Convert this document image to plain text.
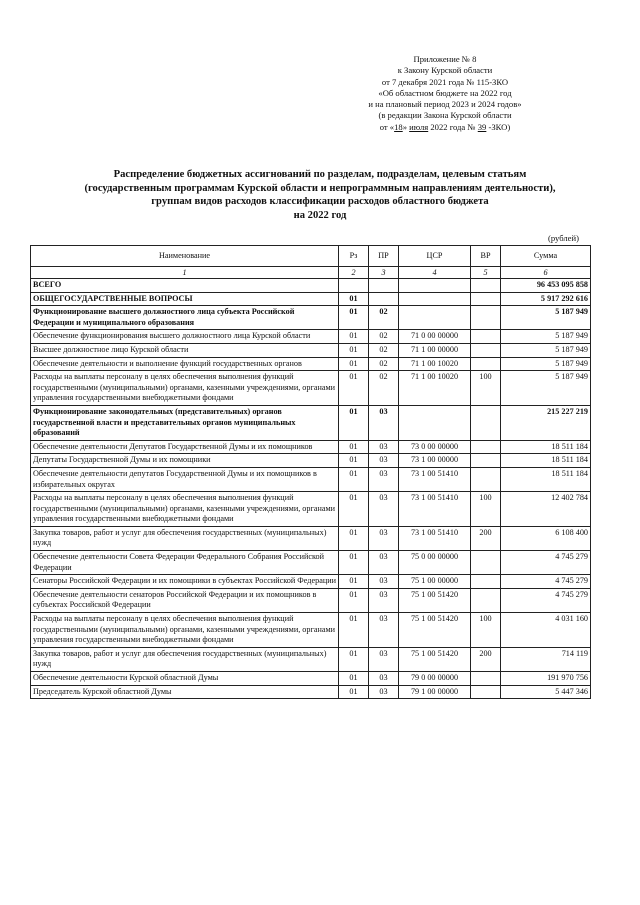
Приложение № 8
к Закону Курской области
от 7 декабря 2021 года № 115-ЗКО
«Об областном бюджете на 2022 год
и на плановый период 2023 и 2024 годов»
(в редакции Закона Курской области
от «18» июля 2022 года № 39 -ЗКО)
Распределение бюджетных ассигнований по разделам, подразделам, целевым статьям
(государственным программам Курской области и непрограммным направлениям деятельности),
группам видов расходов классификации расходов областного бюджета
на 2022 год
(рублей)
Наименование	Рз	ПР	ЦСР	ВР	Сумма
1	2	3	4	5	6
ВСЕГО					96 453 095 858
ОБЩЕГОСУДАРСТВЕННЫЕ ВОПРОСЫ	01				5 917 292 616
Функционирование высшего должностного лица субъекта Российской Федерации и муниципального образования	01	02			5 187 949
Обеспечение функционирования высшего должностного лица Курской области	01	02	71 0 00 00000		5 187 949
Высшее должностное лицо Курской области	01	02	71 1 00 00000		5 187 949
Обеспечение деятельности и выполнение функций государственных органов	01	02	71 1 00 10020		5 187 949
Расходы на выплаты персоналу в целях обеспечения выполнения функций государственными (муниципальными) органами, казенными учреждениями, органами управления государственными внебюджетными фондами	01	02	71 1 00 10020	100	5 187 949
Функционирование законодательных (представительных) органов государственной власти и представительных органов муниципальных образований	01	03			215 227 219
Обеспечение деятельности Депутатов Государственной Думы и их помощников	01	03	73 0 00 00000		18 511 184
Депутаты Государственной Думы и их помощники	01	03	73 1 00 00000		18 511 184
Обеспечение деятельности депутатов Государственной Думы и их помощников в избирательных округах	01	03	73 1 00 51410		18 511 184
Расходы на выплаты персоналу в целях обеспечения выполнения функций государственными (муниципальными) органами, казенными учреждениями, органами управления государственными внебюджетными фондами	01	03	73 1 00 51410	100	12 402 784
Закупка товаров, работ и услуг для обеспечения государственных (муниципальных) нужд	01	03	73 1 00 51410	200	6 108 400
Обеспечение деятельности Совета Федерации Федерального Собрания Российской Федерации	01	03	75 0 00 00000		4 745 279
Сенаторы Российской Федерации и их помощники в субъектах Российской Федерации	01	03	75 1 00 00000		4 745 279
Обеспечение деятельности сенаторов Российской Федерации и их помощников в субъектах Российской Федерации	01	03	75 1 00 51420		4 745 279
Расходы на выплаты персоналу в целях обеспечения выполнения функций государственными (муниципальными) органами, казенными учреждениями, органами управления государственными внебюджетными фондами	01	03	75 1 00 51420	100	4 031 160
Закупка товаров, работ и услуг для обеспечения государственных (муниципальных) нужд	01	03	75 1 00 51420	200	714 119
Обеспечение деятельности Курской областной Думы	01	03	79 0 00 00000		191 970 756
Председатель Курской областной Думы	01	03	79 1 00 00000		5 447 346
